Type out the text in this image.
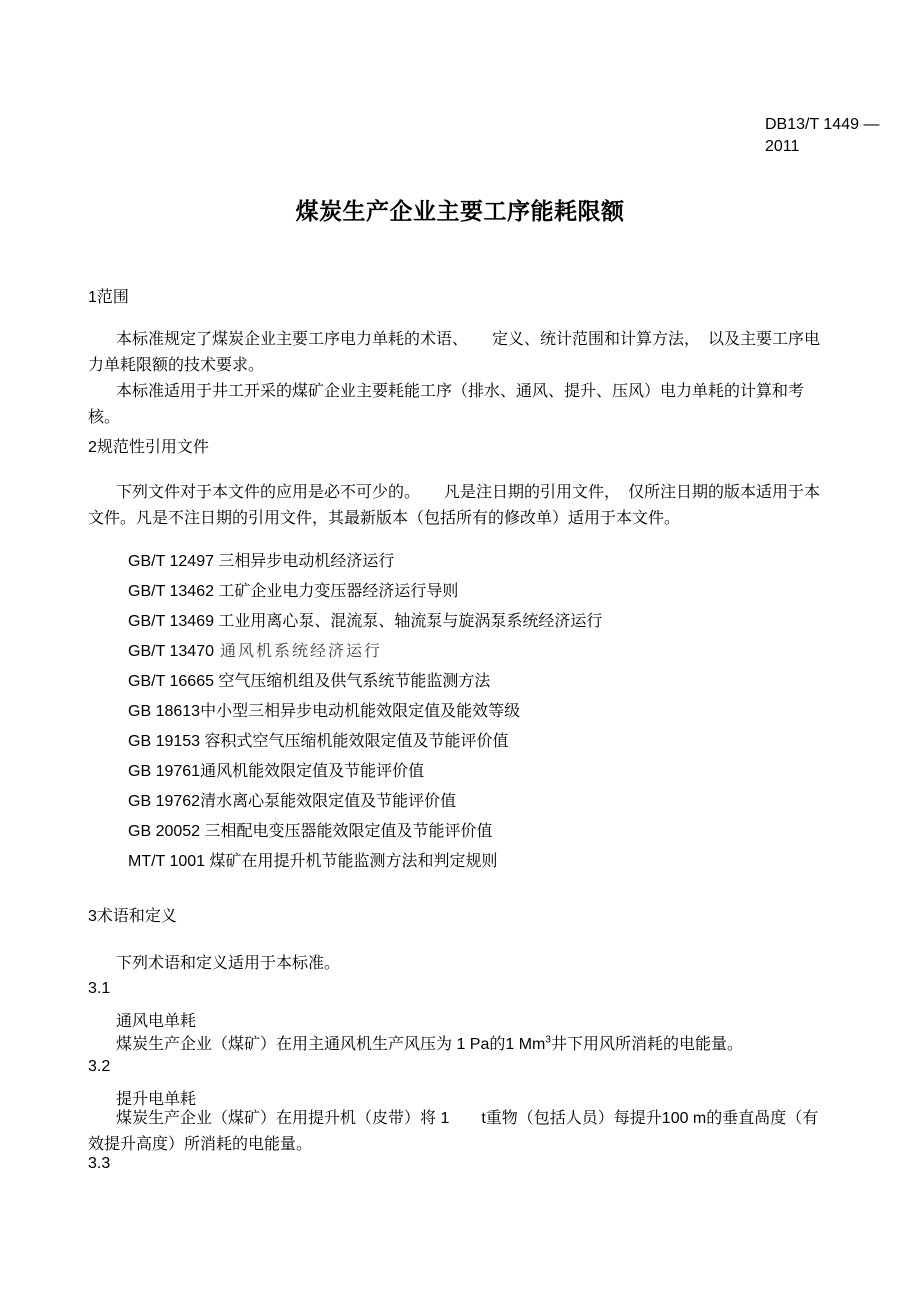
DB13/T 1449 —
2011
煤炭生产企业主要工序能耗限额
1范围

本标准规定了煤炭企业主要工序电力单耗的术语、　　定义、统计范围和计算方法，　以及主要工序电力单耗限额的技术要求。

本标准适用于井工开采的煤矿企业主要耗能工序（排水、通风、提升、压风）电力单耗的计算和考 核。

2规范性引用文件

下列文件对于本文件的应用是必不可少的。　　凡是注日期的引用文件，　仅所注日期的版本适用于本文件。凡是不注日期的引用文件，其最新版本（包括所有的修改单）适用于本文件。

GB/T 12497 三相异步电动机经济运行
GB/T 13462 工矿企业电力变压器经济运行导则
GB/T 13469 工业用离心泵、混流泵、轴流泵与旋涡泵系统经济运行
GB/T 13470 通风机系统经济运行
GB/T 16665 空气压缩机组及供气系统节能监测方法
GB 18613中小型三相异步电动机能效限定值及能效等级
GB 19153 容积式空气压缩机能效限定值及节能评价值
GB 19761通风机能效限定值及节能评价值
GB 19762清水离心泵能效限定值及节能评价值
GB 20052 三相配电变压器能效限定值及节能评价值
MT/T 1001 煤矿在用提升机节能监测方法和判定规则
3术语和定义

下列术语和定义适用于本标准。

3.1
通风电单耗

煤炭生产企业（煤矿）在用主通风机生产风压为 1 Pa的1 Mm$^3$井下用风所消耗的电能量。

3.2
提升电单耗

煤炭生产企业（煤矿）在用提升机（皮带）将 1　　t重物（包括人员）每提升100 m的垂直咼度（有效提升高度）所消耗的电能量。

3.3
